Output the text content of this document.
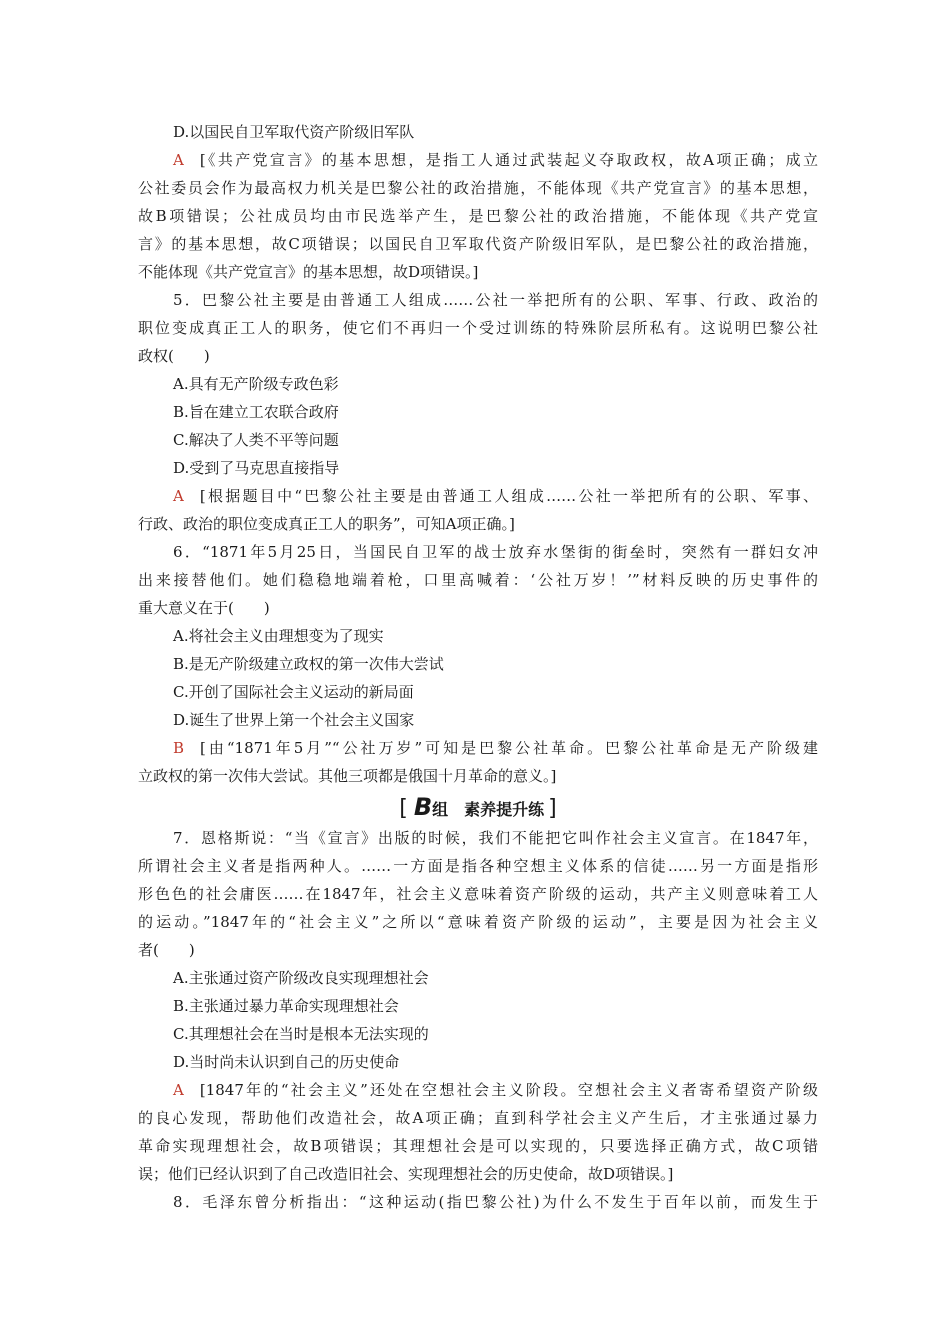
D.以国民自卫军取代资产阶级旧军队

A [《共产党宣言》的基本思想，是指工人通过武装起义夺取政权，故A项正确；成立

公社委员会作为最高权力机关是巴黎公社的政治措施，不能体现《共产党宣言》的基本思想，

故B项错误；公社成员均由市民选举产生，是巴黎公社的政治措施，不能体现《共产党宣

言》的基本思想，故C项错误；以国民自卫军取代资产阶级旧军队，是巴黎公社的政治措施，

不能体现《共产党宣言》的基本思想，故D项错误。]

5．巴黎公社主要是由普通工人组成……公社一举把所有的公职、军事、行政、政治的

职位变成真正工人的职务，使它们不再归一个受过训练的特殊阶层所私有。这说明巴黎公社

政权(　　)

A.具有无产阶级专政色彩

B.旨在建立工农联合政府

C.解决了人类不平等问题

D.受到了马克思直接指导

A [根据题目中“巴黎公社主要是由普通工人组成……公社一举把所有的公职、军事、

行政、政治的职位变成真正工人的职务”，可知A项正确。]

6．“1871年5月25日，当国民自卫军的战士放弃水堡街的街垒时，突然有一群妇女冲

出来接替他们。她们稳稳地端着枪，口里高喊着：‘公社万岁！’”材料反映的历史事件的

重大意义在于(　　)

A.将社会主义由理想变为了现实

B.是无产阶级建立政权的第一次伟大尝试

C.开创了国际社会主义运动的新局面

D.诞生了世界上第一个社会主义国家

B [由“1871年5月”“公社万岁”可知是巴黎公社革命。巴黎公社革命是无产阶级建

立政权的第一次伟大尝试。其他三项都是俄国十月革命的意义。]

[ B组 素养提升练 ]

7．恩格斯说：“当《宣言》出版的时候，我们不能把它叫作社会主义宣言。在1847年，

所谓社会主义者是指两种人。……一方面是指各种空想主义体系的信徒……另一方面是指形

形色色的社会庸医……在1847年，社会主义意味着资产阶级的运动，共产主义则意味着工人

的运动。”1847年的“社会主义”之所以“意味着资产阶级的运动”，主要是因为社会主义

者(　　)

A.主张通过资产阶级改良实现理想社会

B.主张通过暴力革命实现理想社会

C.其理想社会在当时是根本无法实现的

D.当时尚未认识到自己的历史使命

A [1847年的“社会主义”还处在空想社会主义阶段。空想社会主义者寄希望资产阶级

的良心发现，帮助他们改造社会，故A项正确；直到科学社会主义产生后，才主张通过暴力

革命实现理想社会，故B项错误；其理想社会是可以实现的，只要选择正确方式，故C项错

误；他们已经认识到了自己改造旧社会、实现理想社会的历史使命，故D项错误。]

8．毛泽东曾分析指出：“这种运动(指巴黎公社)为什么不发生于百年以前，而发生于
